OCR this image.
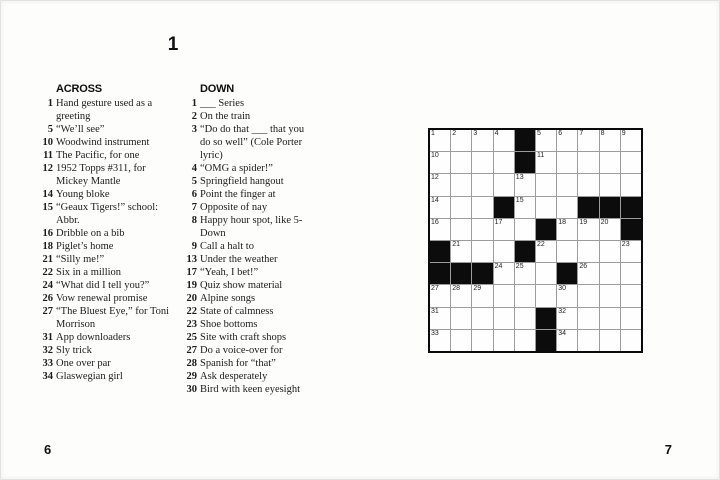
1
ACROSS
1 Hand gesture used as a greeting
5 “We’ll see”
10 Woodwind instrument
11 The Pacific, for one
12 1952 Topps #311, for Mickey Mantle
14 Young bloke
15 “Geaux Tigers!” school: Abbr.
16 Dribble on a bib
18 Piglet’s home
21 “Silly me!”
22 Six in a million
24 “What did I tell you?”
26 Vow renewal promise
27 “The Bluest Eye,” for Toni Morrison
31 App downloaders
32 Sly trick
33 One over par
34 Glaswegian girl
DOWN
1 ___ Series
2 On the train
3 “Do do that ___ that you do so well” (Cole Porter lyric)
4 “OMG a spider!”
5 Springfield hangout
6 Point the finger at
7 Opposite of nay
8 Happy hour spot, like 5-Down
9 Call a halt to
13 Under the weather
17 “Yeah, I bet!”
19 Quiz show material
20 Alpine songs
22 State of calmness
23 Shoe bottoms
25 Site with craft shops
27 Do a voice-over for
28 Spanish for “that”
29 Ask desperately
30 Bird with keen eyesight
1 2 3 4	5 6 7 8 9
10	11
12	13
14	15
16	17	18 19 20
21	22	23
24 25	26
27 28 29	30
31	32
33	34
6	7
